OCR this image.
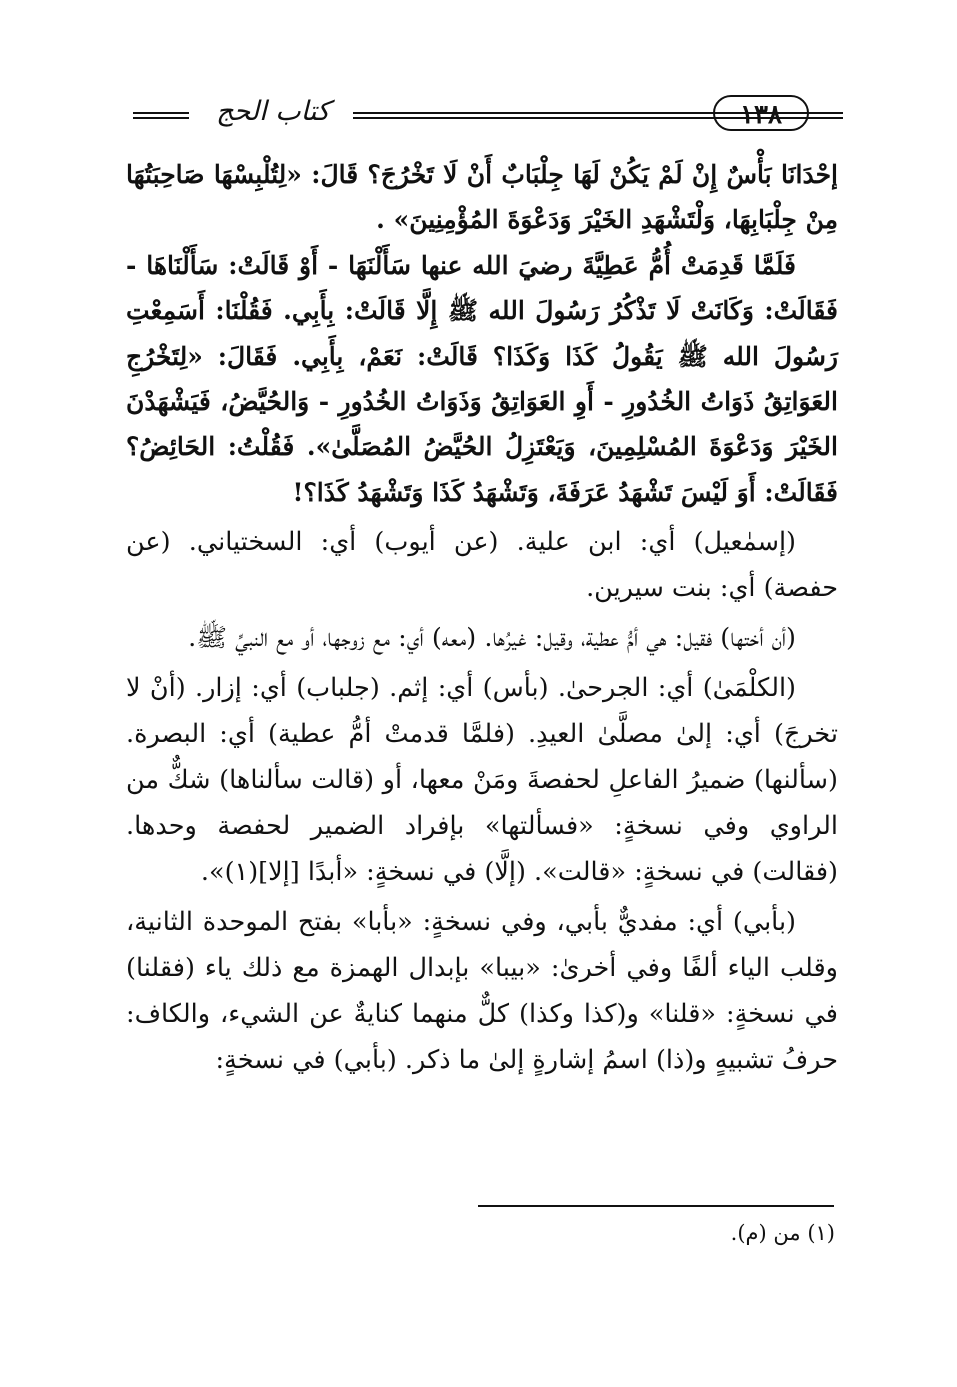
كتاب الحج	١٣٨

إحْدَانَا بَأْسٌ إِنْ لَمْ يَكُنْ لَهَا جِلْبَابٌ أَنْ لَا تَخْرُجَ؟ قَالَ: «لِتُلْبِسْهَا صَاحِبَتُهَا مِنْ جِلْبَابِهَا، وَلْتَشْهَدِ الخَيْرَ وَدَعْوَةَ المُؤْمِنِينَ» .

فَلَمَّا قَدِمَتْ أُمُّ عَطِيَّةَ رضيَ الله عنها سَأَلْنَهَا - أَوْ قَالَتْ: سَأَلْنَاهَا - فَقَالَتْ: وَكَانَتْ لَا تَذْكُرُ رَسُولَ الله ﷺ إِلَّا قَالَتْ: بِأَبِي. فَقُلْنَا: أَسَمِعْتِ رَسُولَ الله ﷺ يَقُولُ كَذَا وَكَذَا؟ قَالَتْ: نَعَمْ، بِأَبِي. فَقَالَ: «لِتَخْرُجِ العَوَاتِقُ ذَوَاتُ الخُدُورِ - أَوِ العَوَاتِقُ وَذَوَاتُ الخُدُورِ - وَالحُيَّضُ، فَيَشْهَدْنَ الخَيْرَ وَدَعْوَةَ المُسْلِمِينَ، وَيَعْتَزِلُ الحُيَّضُ المُصَلَّىٰ». فَقُلْتُ: الحَائِضُ؟ فَقَالَتْ: أَوَ لَيْسَ تَشْهَدُ عَرَفَةَ، وَتَشْهَدُ كَذَا وَتَشْهَدُ كَذَا؟!

(إسمٰعيل) أي: ابن علية. (عن أيوب) أي: السختياني. (عن حفصة) أي: بنت سيرين.

(أن أختها) فقيل: هي أمُّ عطية، وقيل: غيرُها. (معه) أي: مع زوجها، أو مع النبيِّ ﷺ.

(الكلْمَىٰ) أي: الجرحىٰ. (بأس) أي: إثم. (جلباب) أي: إزار. (أنْ لا تخرجَ) أي: إلىٰ مصلَّىٰ العيدِ. (فلمَّا قدمتْ أمُّ عطية) أي: البصرة. (سألنها) ضميرُ الفاعلِ لحفصةَ ومَنْ معها، أو (قالت سألناها) شكٌّ من الراوي وفي نسخةٍ: «فسألتها» بإفراد الضمير لحفصة وحدها. (فقالت) في نسخةٍ: «قالت». (إلَّا) في نسخةٍ: «أبدًا [إلا](١)».

(بأبي) أي: مفديٌّ بأبي، وفي نسخةٍ: «بأبا» بفتح الموحدة الثانية، وقلب الياء ألفًا وفي أخرىٰ: «بيبا» بإبدال الهمزة مع ذلك ياء (فقلنا) في نسخةٍ: «قلنا» و(كذا وكذا) كلٌّ منهما كنايةٌ عن الشيء، والكاف: حرفُ تشبيهٍ و(ذا) اسمُ إشارةٍ إلىٰ ما ذكر. (بأبي) في نسخةٍ:

(١) من (م).
